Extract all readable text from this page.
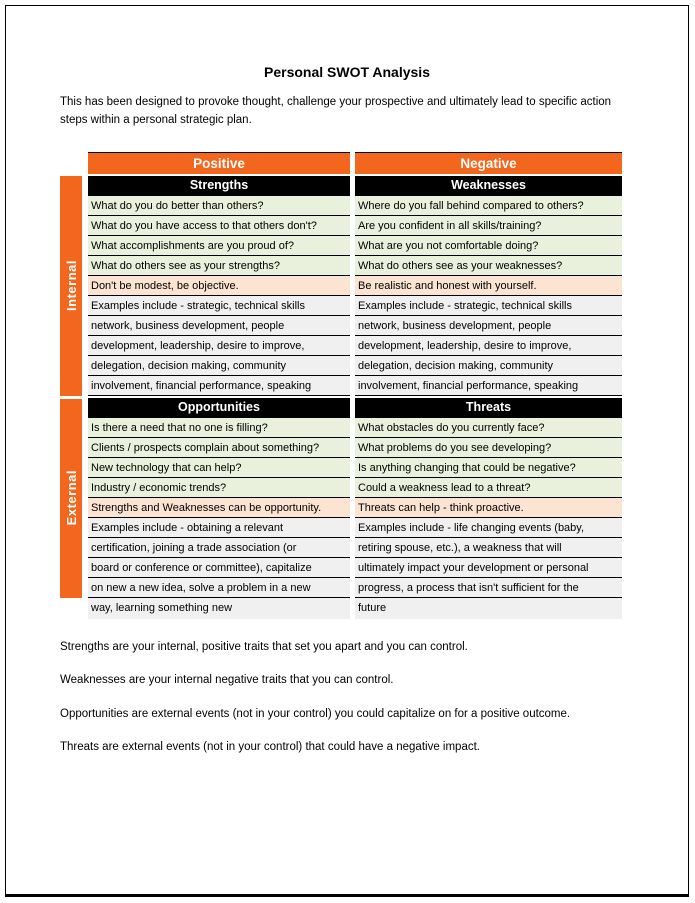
Personal SWOT Analysis
This has been designed to provoke thought, challenge your prospective and ultimately lead to specific action steps within a personal strategic plan.
Positive	Negative
Internal
Strengths
What do you do better than others?
What do you have access to that others don't?
What accomplishments are you proud of?
What do others see as your strengths?
Don't be modest, be objective.
Examples include - strategic, technical skills
network, business development, people
development, leadership, desire to improve,
delegation, decision making, community
involvement, financial performance, speaking
Weaknesses
Where do you fall behind compared to others?
Are you confident in all skills/training?
What are you not comfortable doing?
What do others see as your weaknesses?
Be realistic and honest with yourself.
Examples include - strategic, technical skills
network, business development, people
development, leadership, desire to improve,
delegation, decision making, community
involvement, financial performance, speaking
External
Opportunities
Is there a need that no one is filling?
Clients / prospects complain about something?
New technology that can help?
Industry / economic trends?
Strengths and Weaknesses can be opportunity.
Examples include - obtaining a relevant
certification, joining a trade association (or
board or conference or committee), capitalize
on new a new idea, solve a problem in a new
Threats
What obstacles do you currently face?
What problems do you see developing?
Is anything changing that could be negative?
Could a weakness lead to a threat?
Threats can help - think proactive.
Examples include - life changing events (baby,
retiring spouse, etc.), a weakness that will
ultimately impact your development or personal
progress, a process that isn't sufficient for the
way, learning something new	future

Strengths are your internal, positive traits that set you apart and you can control.

Weaknesses are your internal negative traits that you can control.

Opportunities are external events (not in your control) you could capitalize on for a positive outcome.

Threats are external events (not in your control) that could have a negative impact.
